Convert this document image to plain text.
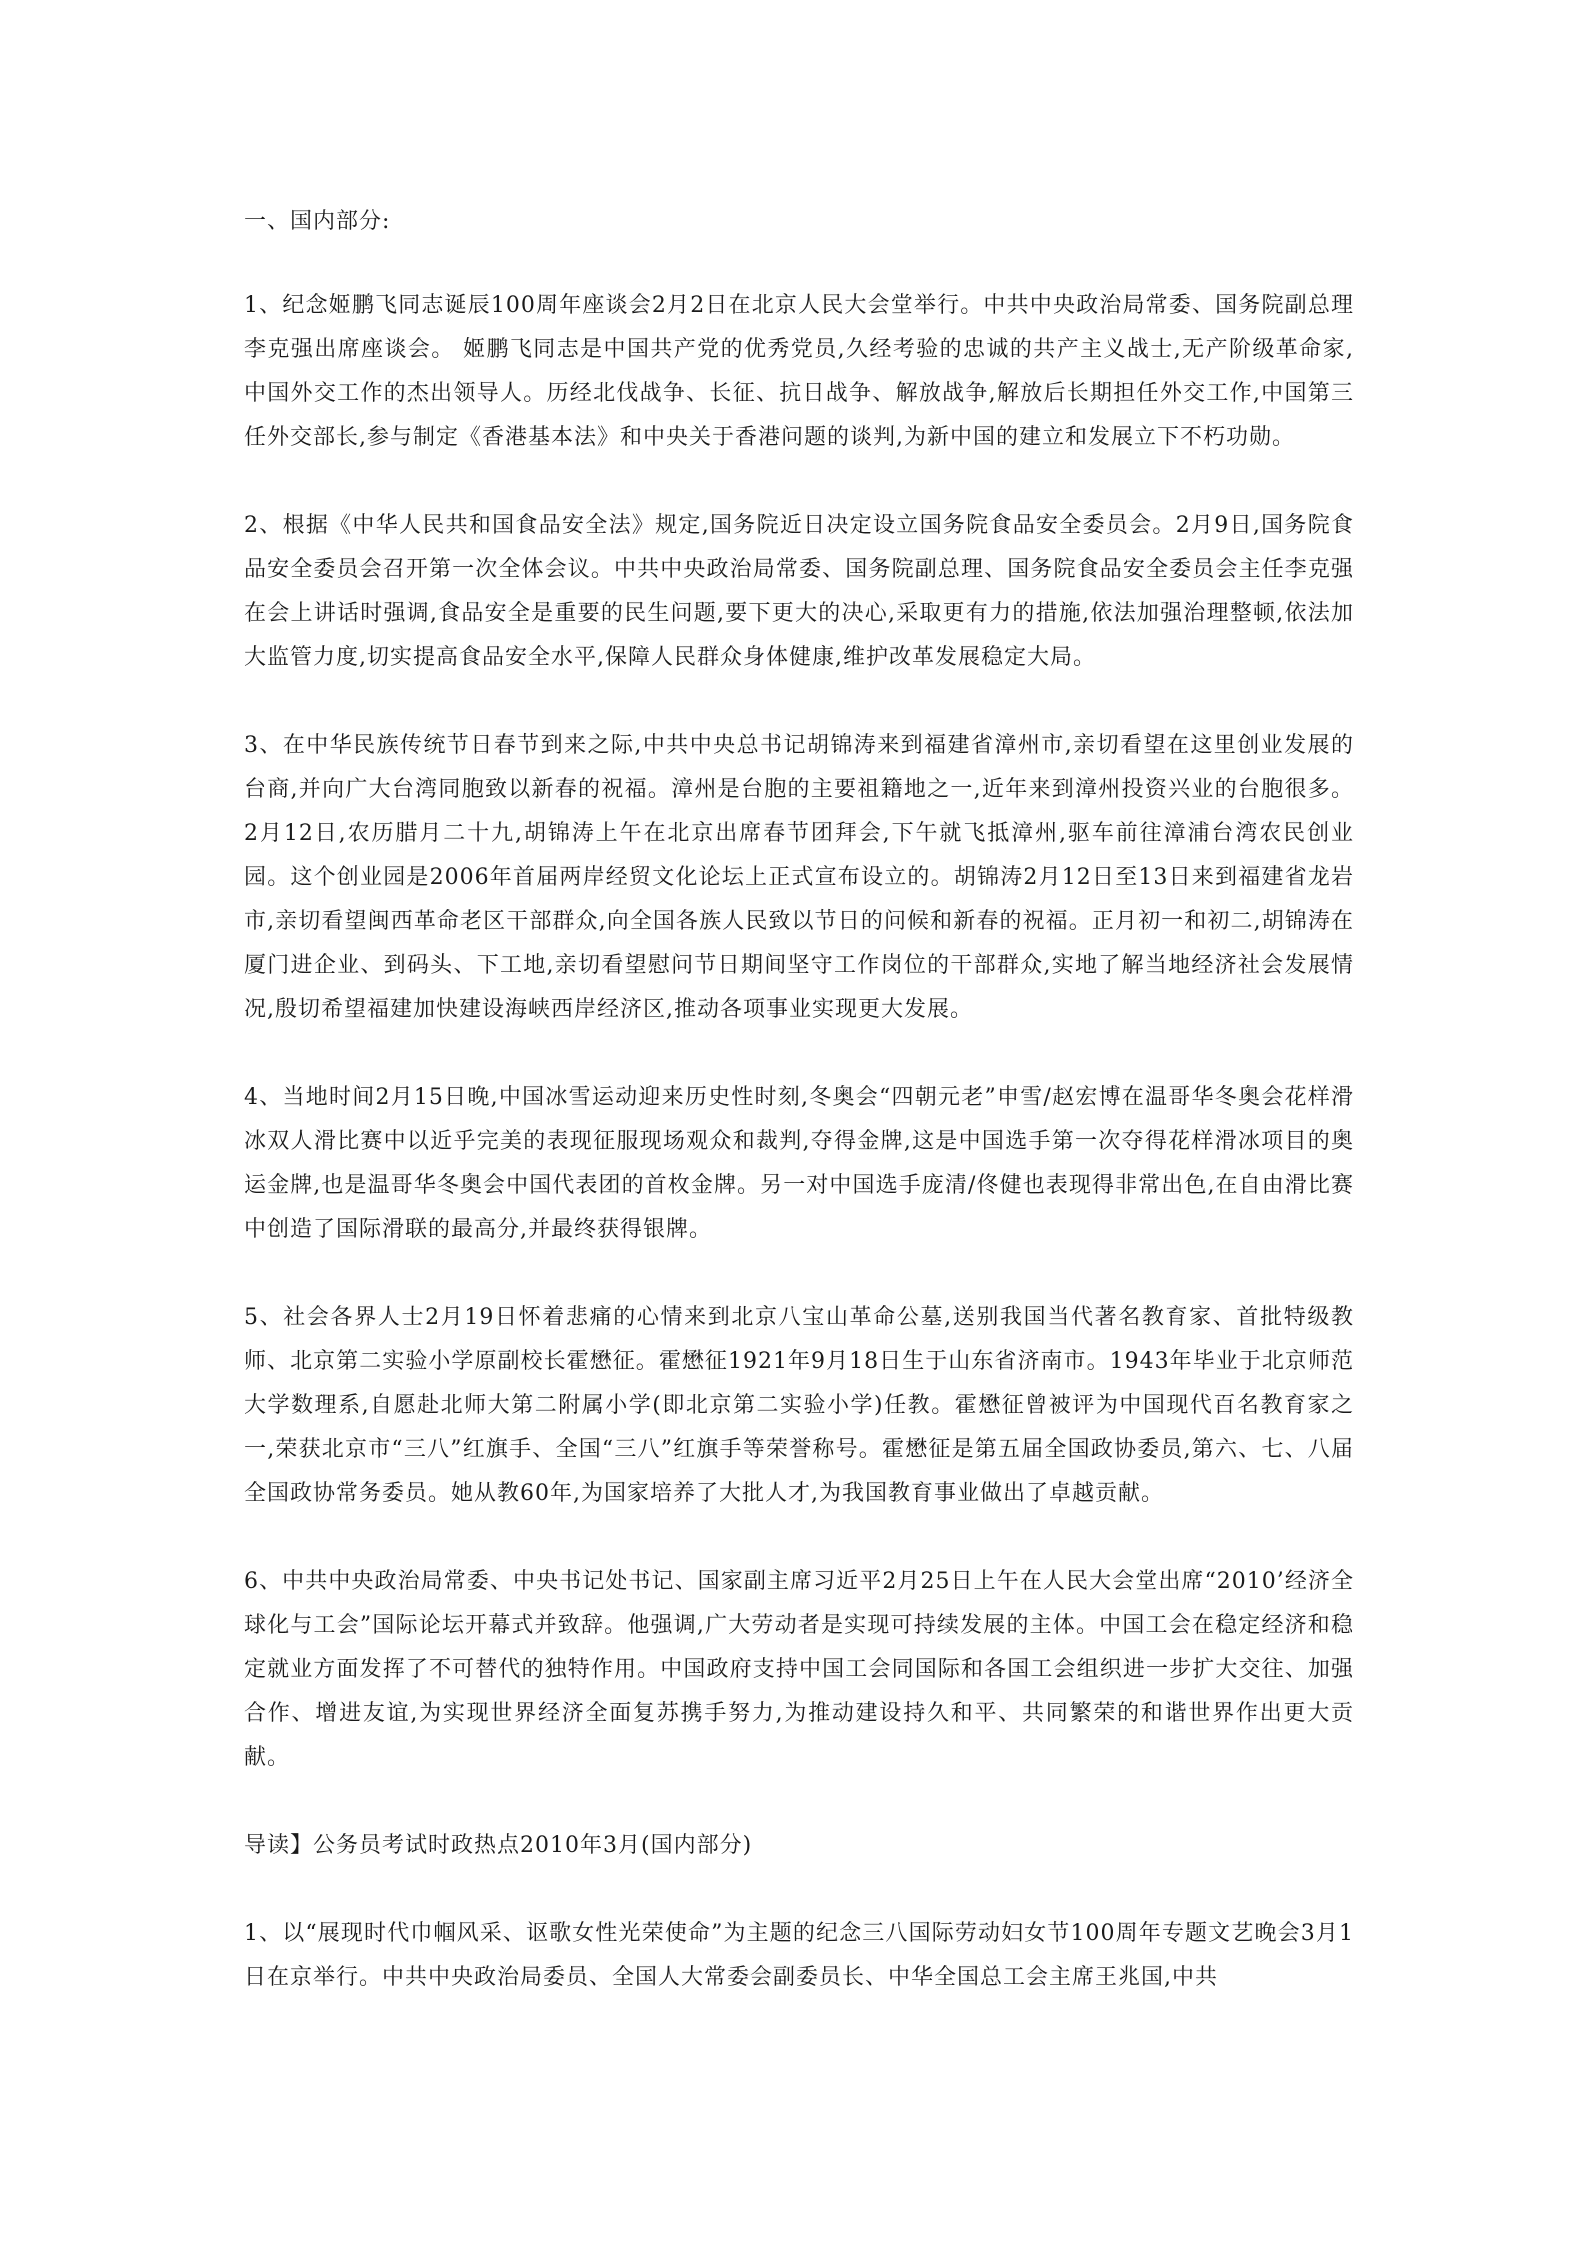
一、国内部分:

1、纪念姬鹏飞同志诞辰100周年座谈会2月2日在北京人民大会堂举行。中共中央政治局常委、国务院副总理李克强出席座谈会。 姬鹏飞同志是中国共产党的优秀党员,久经考验的忠诚的共产主义战士,无产阶级革命家,中国外交工作的杰出领导人。历经北伐战争、长征、抗日战争、解放战争,解放后长期担任外交工作,中国第三任外交部长,参与制定《香港基本法》和中央关于香港问题的谈判,为新中国的建立和发展立下不朽功勋。

2、根据《中华人民共和国食品安全法》规定,国务院近日决定设立国务院食品安全委员会。2月9日,国务院食品安全委员会召开第一次全体会议。中共中央政治局常委、国务院副总理、国务院食品安全委员会主任李克强在会上讲话时强调,食品安全是重要的民生问题,要下更大的决心,采取更有力的措施,依法加强治理整顿,依法加大监管力度,切实提高食品安全水平,保障人民群众身体健康,维护改革发展稳定大局。

3、在中华民族传统节日春节到来之际,中共中央总书记胡锦涛来到福建省漳州市,亲切看望在这里创业发展的台商,并向广大台湾同胞致以新春的祝福。漳州是台胞的主要祖籍地之一,近年来到漳州投资兴业的台胞很多。2月12日,农历腊月二十九,胡锦涛上午在北京出席春节团拜会,下午就飞抵漳州,驱车前往漳浦台湾农民创业园。这个创业园是2006年首届两岸经贸文化论坛上正式宣布设立的。胡锦涛2月12日至13日来到福建省龙岩市,亲切看望闽西革命老区干部群众,向全国各族人民致以节日的问候和新春的祝福。正月初一和初二,胡锦涛在厦门进企业、到码头、下工地,亲切看望慰问节日期间坚守工作岗位的干部群众,实地了解当地经济社会发展情况,殷切希望福建加快建设海峡西岸经济区,推动各项事业实现更大发展。

4、当地时间2月15日晚,中国冰雪运动迎来历史性时刻,冬奥会“四朝元老”申雪/赵宏博在温哥华冬奥会花样滑冰双人滑比赛中以近乎完美的表现征服现场观众和裁判,夺得金牌,这是中国选手第一次夺得花样滑冰项目的奥运金牌,也是温哥华冬奥会中国代表团的首枚金牌。另一对中国选手庞清/佟健也表现得非常出色,在自由滑比赛中创造了国际滑联的最高分,并最终获得银牌。

5、社会各界人士2月19日怀着悲痛的心情来到北京八宝山革命公墓,送别我国当代著名教育家、首批特级教师、北京第二实验小学原副校长霍懋征。霍懋征1921年9月18日生于山东省济南市。1943年毕业于北京师范大学数理系,自愿赴北师大第二附属小学(即北京第二实验小学)任教。霍懋征曾被评为中国现代百名教育家之一,荣获北京市“三八”红旗手、全国“三八”红旗手等荣誉称号。霍懋征是第五届全国政协委员,第六、七、八届全国政协常务委员。她从教60年,为国家培养了大批人才,为我国教育事业做出了卓越贡献。

6、中共中央政治局常委、中央书记处书记、国家副主席习近平2月25日上午在人民大会堂出席“2010’经济全球化与工会”国际论坛开幕式并致辞。他强调,广大劳动者是实现可持续发展的主体。中国工会在稳定经济和稳定就业方面发挥了不可替代的独特作用。中国政府支持中国工会同国际和各国工会组织进一步扩大交往、加强合作、增进友谊,为实现世界经济全面复苏携手努力,为推动建设持久和平、共同繁荣的和谐世界作出更大贡献。

导读】公务员考试时政热点2010年3月(国内部分)

1、以“展现时代巾帼风采、讴歌女性光荣使命”为主题的纪念三八国际劳动妇女节100周年专题文艺晚会3月1日在京举行。中共中央政治局委员、全国人大常委会副委员长、中华全国总工会主席王兆国,中共
